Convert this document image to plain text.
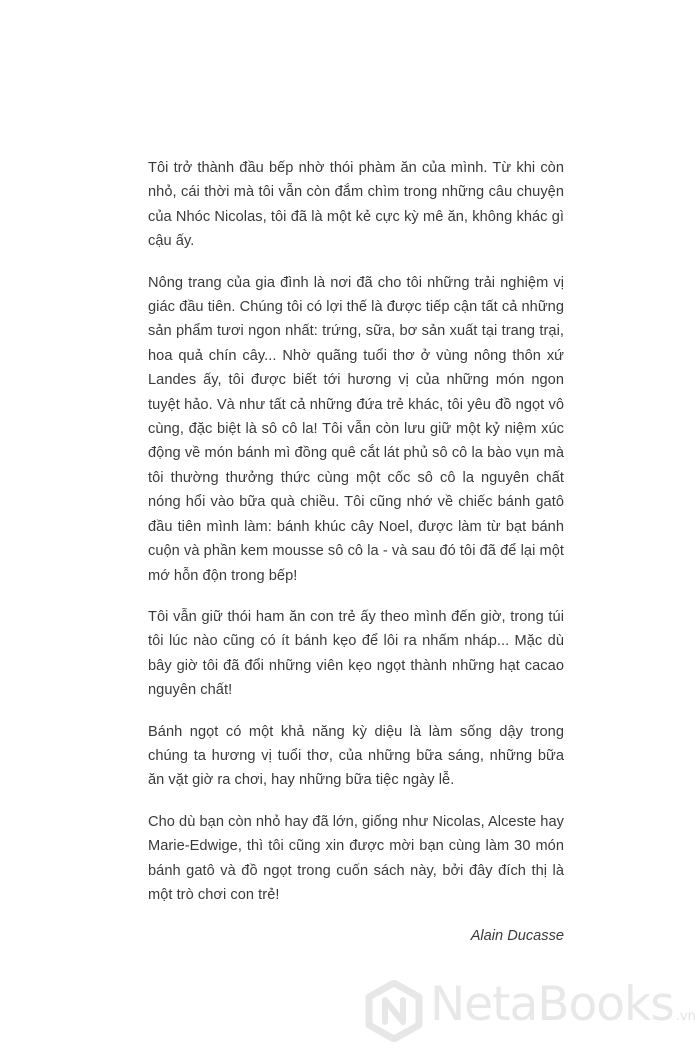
Tôi trở thành đầu bếp nhờ thói phàm ăn của mình. Từ khi còn nhỏ, cái thời mà tôi vẫn còn đắm chìm trong những câu chuyện của Nhóc Nicolas, tôi đã là một kẻ cực kỳ mê ăn, không khác gì cậu ấy.

Nông trang của gia đình là nơi đã cho tôi những trải nghiệm vị giác đầu tiên. Chúng tôi có lợi thế là được tiếp cận tất cả những sản phẩm tươi ngon nhất: trứng, sữa, bơ sản xuất tại trang trại, hoa quả chín cây... Nhờ quãng tuổi thơ ở vùng nông thôn xứ Landes ấy, tôi được biết tới hương vị của những món ngon tuyệt hảo. Và như tất cả những đứa trẻ khác, tôi yêu đồ ngọt vô cùng, đặc biệt là sô cô la! Tôi vẫn còn lưu giữ một kỷ niệm xúc động về món bánh mì đồng quê cắt lát phủ sô cô la bào vụn mà tôi thường thưởng thức cùng một cốc sô cô la nguyên chất nóng hổi vào bữa quà chiều. Tôi cũng nhớ về chiếc bánh gatô đầu tiên mình làm: bánh khúc cây Noel, được làm từ bạt bánh cuộn và phần kem mousse sô cô la - và sau đó tôi đã để lại một mớ hỗn độn trong bếp!

Tôi vẫn giữ thói ham ăn con trẻ ấy theo mình đến giờ, trong túi tôi lúc nào cũng có ít bánh kẹo để lôi ra nhấm nháp... Mặc dù bây giờ tôi đã đổi những viên kẹo ngọt thành những hạt cacao nguyên chất!

Bánh ngọt có một khả năng kỳ diệu là làm sống dậy trong chúng ta hương vị tuổi thơ, của những bữa sáng, những bữa ăn vặt giờ ra chơi, hay những bữa tiệc ngày lễ.

Cho dù bạn còn nhỏ hay đã lớn, giống như Nicolas, Alceste hay Marie-Edwige, thì tôi cũng xin được mời bạn cùng làm 30 món bánh gatô và đồ ngọt trong cuốn sách này, bởi đây đích thị là một trò chơi con trẻ!

Alain Ducasse

NetaBooks .vn
